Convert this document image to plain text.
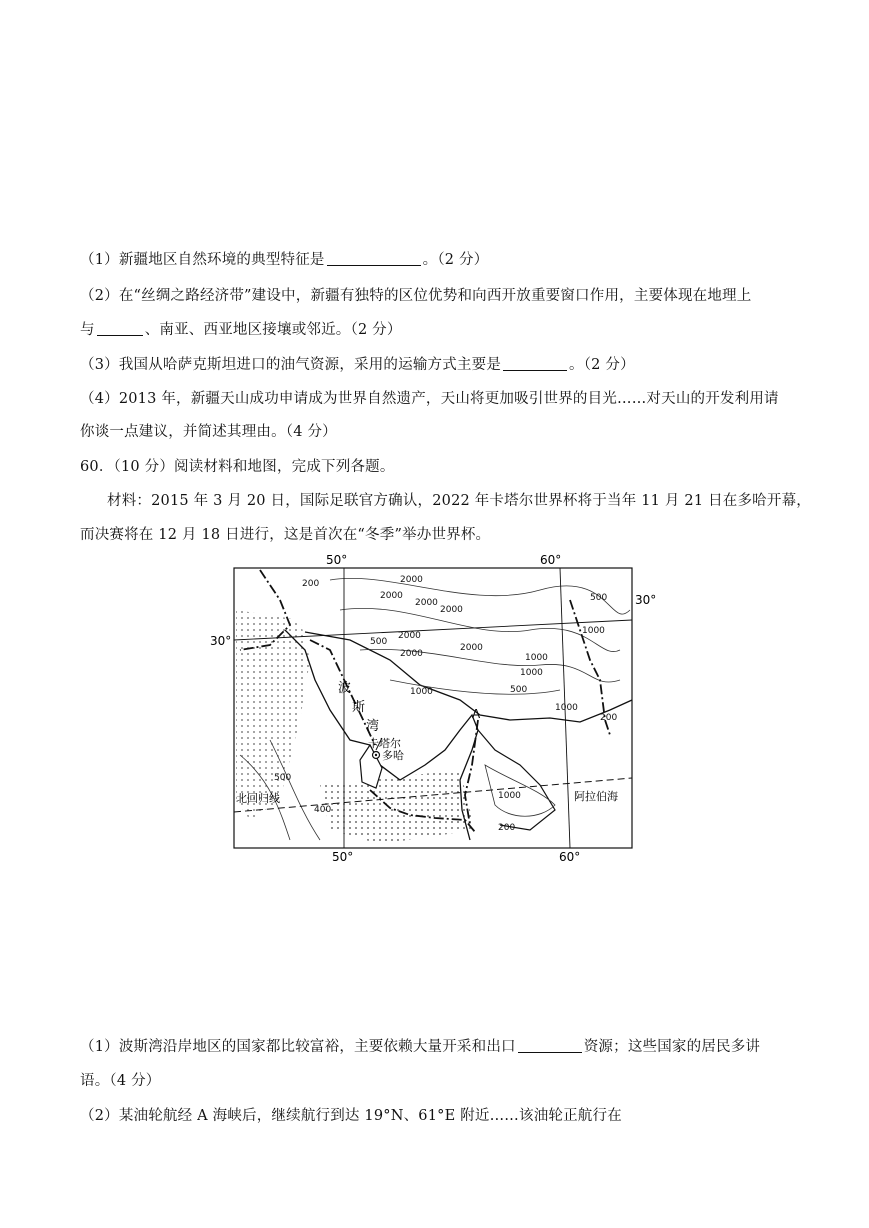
（1）新疆地区自然环境的典型特征是	。（2 分）
（2）在“丝绸之路经济带”建设中，新疆有独特的区位优势和向西开放重要窗口作用，主要体现在地理上
与	、南亚、西亚地区接壤或邻近。（2 分）
（3）我国从哈萨克斯坦进口的油气资源，采用的运输方式主要是	。（2 分）
（4）2013 年，新疆天山成功申请成为世界自然遗产，天山将更加吸引世界的目光……对天山的开发利用请
你谈一点建议，并简述其理由。（4 分）
60．（10 分）阅读材料和地图，完成下列各题。
材料：2015 年 3 月 20 日，国际足联官方确认，2022 年卡塔尔世界杯将于当年 11 月 21 日在多哈开幕，
而决赛将在 12 月 18 日进行，这是首次在“冬季”举办世界杯。
50°	60°
50°	60°
30°
30°
波
斯
湾
卡塔尔
多哈
A
北回归线	阿拉伯海
200	2000
2000
2000
2000
2000
2000
500
2000
1000
1000
1000	500
1000
1000
500
200
500
400
1000
200
（1）波斯湾沿岸地区的国家都比较富裕，主要依赖大量开采和出口	资源；这些国家的居民多讲
语。（4 分）
（2）某油轮航经 A 海峡后，继续航行到达 19°N、61°E 附近……该油轮正航行在
